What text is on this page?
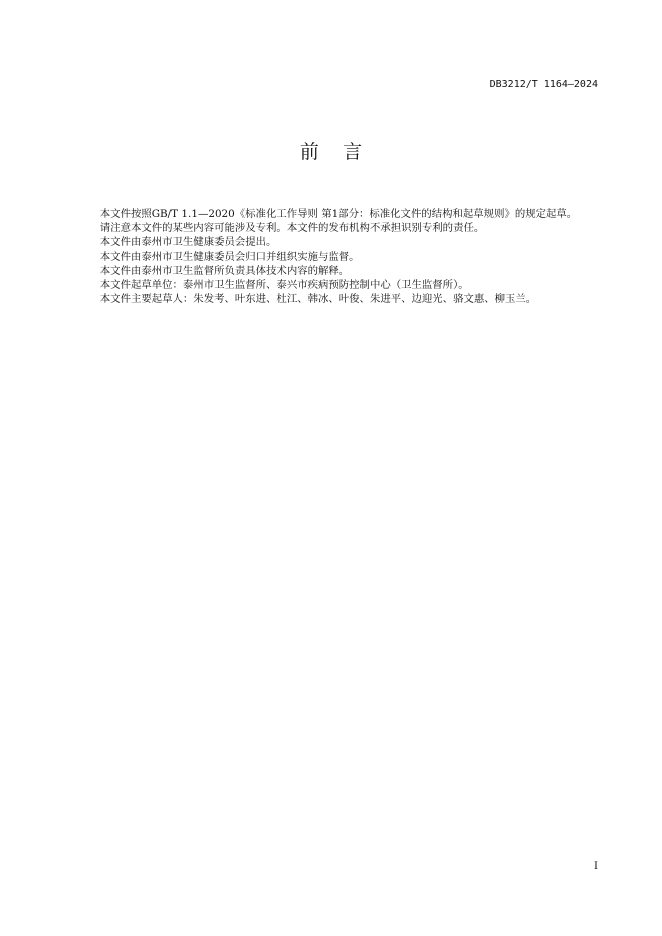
DB3212/T 1164—2024
前    言

本文件按照GB/T 1.1—2020《标准化工作导则 第1部分：标准化文件的结构和起草规则》的规定起草。

请注意本文件的某些内容可能涉及专利。本文件的发布机构不承担识别专利的责任。

本文件由泰州市卫生健康委员会提出。

本文件由泰州市卫生健康委员会归口并组织实施与监督。

本文件由泰州市卫生监督所负责具体技术内容的解释。

本文件起草单位：泰州市卫生监督所、泰兴市疾病预防控制中心（卫生监督所）。

本文件主要起草人：朱发考、叶东进、杜江、韩冰、叶俊、朱进平、边迎光、骆文惠、柳玉兰。

I
